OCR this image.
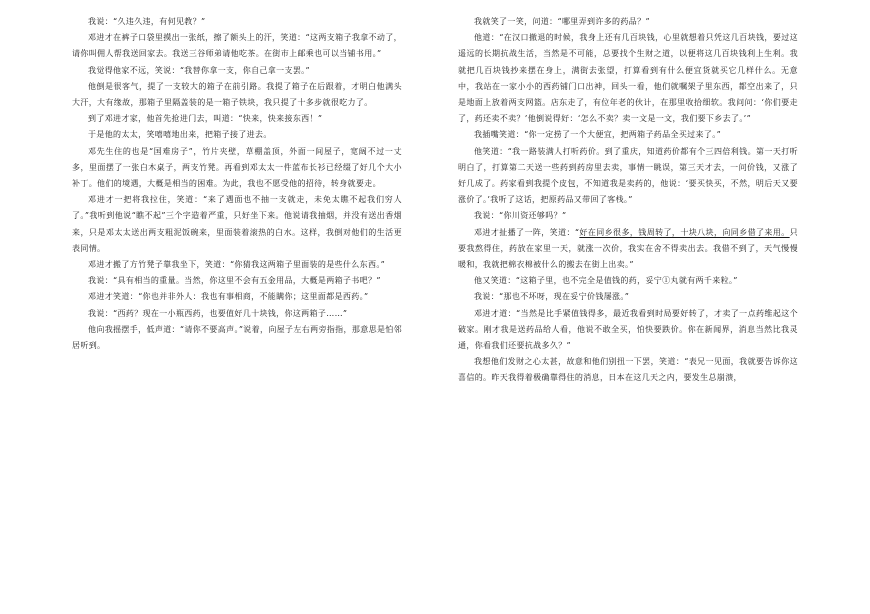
我说：“久违久违，有何见教？”

邓进才在裤子口袋里摸出一张纸，擦了额头上的汗，笑道：“这两支箱子我拿不动了，请你叫佣人帮我送回家去。我送三谷师弟请他吃茶。在街市上邮乘也可以当铺书用。”

我觉得他家不远，笑说：“我替你拿一支，你自己拿一支罢。”

他倒是很客气，提了一支较大的箱子在前引路。我提了箱子在后跟着，才明白他满头大汗，大有缘故，那箱子里隔盖装的是一箱子铁块，我只提了十多步就很吃力了。

到了邓进才家，他首先抢进门去，叫道：“快来，快来接东西！”

于是他的太太，笑嘻嘻地出来，把箱子接了进去。

邓先生住的也是“国难房子”，竹片夹壁，草棚盖顶，外面一间屋子，宽阔不过一丈多，里面摆了一张白木桌子，两支竹凳。再看到邓太太一件蓝布长衫已经缀了好几个大小补丁。他们的境遇，大概是相当的困难。为此，我也不愿受他的招待，转身就要走。

邓进才一把将我拉住，笑道：“来了遇面也不抽一支就走，未免太瞧不起我们穷人了。”我听到他说“瞧不起”三个字造着严重，只好坐下来。他说请我抽烟，并没有送出香烟来，只是邓太太送出两支粗泥饭碗来，里面装着滚热的白水。这样，我倒对他们的生活更表同情。

邓进才搬了方竹凳子靠我坐下，笑道：“你猜我这两箱子里面装的是些什么东西。”

我说：“具有相当的重量。当然，你这里不会有五金用品，大概是两箱子书吧？”

邓进才笑道：“你也并非外人：我也有事相商，不能瞒你；这里面都是西药。”

我说：“西药？现在一小瓶西药，也要值好几十块钱，你这两箱子……”

他向我摇摆手，低声道：“请你不要高声。”说着，向屋子左右两旁指指，那意思是怕邻居听到。

我就笑了一笑，问道：“哪里弄到许多的药品？”

他道：“在汉口撤退的时候，我身上还有几百块钱，心里就想着只凭这几百块钱，要过这遥远的长期抗战生活，当然是不可能，总要找个生财之道，以便将这几百块钱利上生利。我就把几百块钱抄来摆在身上，满街去张望，打算看到有什么便宜货就买它几样什么。无意中，我站在一家小小的西药铺门口出神，回头一看，他们就嘱架子里东西，都空出来了，只是地面上放着两支网篮。店东走了，有位年老的伙计，在那里收拾细软。我问问：‘你们要走了，药还卖不卖？’他倒说得好：‘怎么不卖？卖一文是一文，我们要下乡去了。’”

我插嘴笑道：“你一定捞了一个大便宜，把两箱子药品全买过来了。”

他笑道：“我一路装满人打听药价。到了重庆，知道药价都有个三四倍利钱。第一天打听明白了，打算第二天送一些药到药房里去卖，事情一眺误，第三天才去，一问价钱，又涨了好几成了。药家看到我提个皮包，不知道我是卖药的，他说：‘要买快买，不然，明后天又要涨价了。’我听了这话，把原药品又带回了客栈。”

我说：“你川资还够吗？”

邓进才扯播了一阵，笑道：“好在同乡很多，钱周转了，十块八块，向同乡借了来用。只要我熬得住，药放在家里一天，就涨一次价，我实在舍不得卖出去。我借不到了，天气慢慢暖和，我就把棉衣棉被什么的搬去在街上出卖。”

他又笑道：“这箱子里，也不完全是值钱的药，妥宁①丸就有两千来粒。”

我说：“那也不坏呀，现在妥宁价钱屡涨。”

邓进才道：“当然是比手紧值钱得多，最近我看到时局要好转了，才卖了一点药维起这个破家。刚才我是送药品给人看，他说不敢全买，怕快要跌价。你在新闻界，消息当然比我灵通，你看我们还要抗战多久？”

我想他们发财之心太甚，故意和他们别扭一下罢，笑道：“表兄一见面，我就要告诉你这喜信的。昨天我得着极确靠得住的消息，日本在这几天之内，要发生总崩溃，
